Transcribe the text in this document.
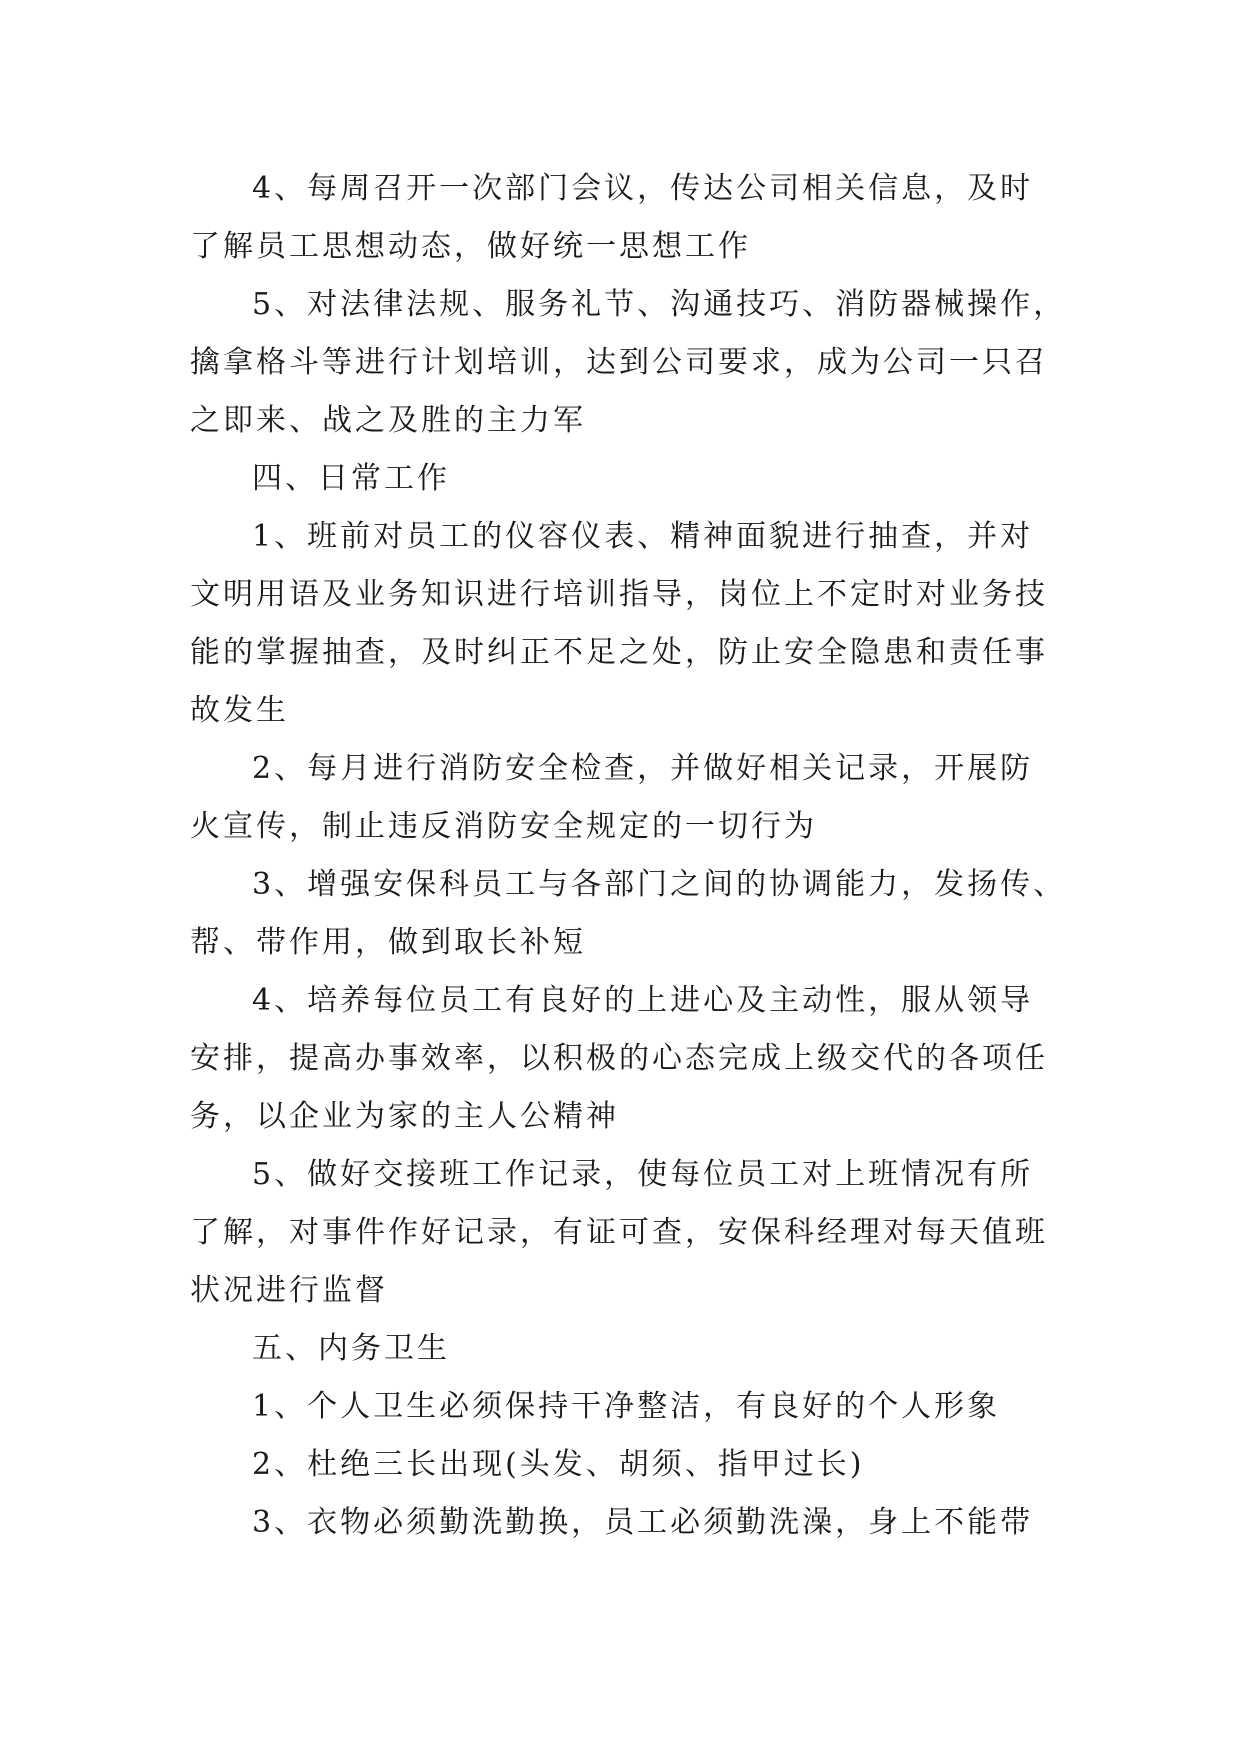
4、每周召开一次部门会议，传达公司相关信息，及时
了解员工思想动态，做好统一思想工作
5、对法律法规、服务礼节、沟通技巧、消防器械操作，
擒拿格斗等进行计划培训，达到公司要求，成为公司一只召
之即来、战之及胜的主力军
四、日常工作
1、班前对员工的仪容仪表、精神面貌进行抽查，并对
文明用语及业务知识进行培训指导，岗位上不定时对业务技
能的掌握抽查，及时纠正不足之处，防止安全隐患和责任事
故发生
2、每月进行消防安全检查，并做好相关记录，开展防
火宣传，制止违反消防安全规定的一切行为
3、增强安保科员工与各部门之间的协调能力，发扬传、
帮、带作用，做到取长补短
4、培养每位员工有良好的上进心及主动性，服从领导
安排，提高办事效率，以积极的心态完成上级交代的各项任
务，以企业为家的主人公精神
5、做好交接班工作记录，使每位员工对上班情况有所
了解，对事件作好记录，有证可查，安保科经理对每天值班
状况进行监督
五、内务卫生
1、个人卫生必须保持干净整洁，有良好的个人形象
2、杜绝三长出现(头发、胡须、指甲过长)
3、衣物必须勤洗勤换，员工必须勤洗澡，身上不能带
